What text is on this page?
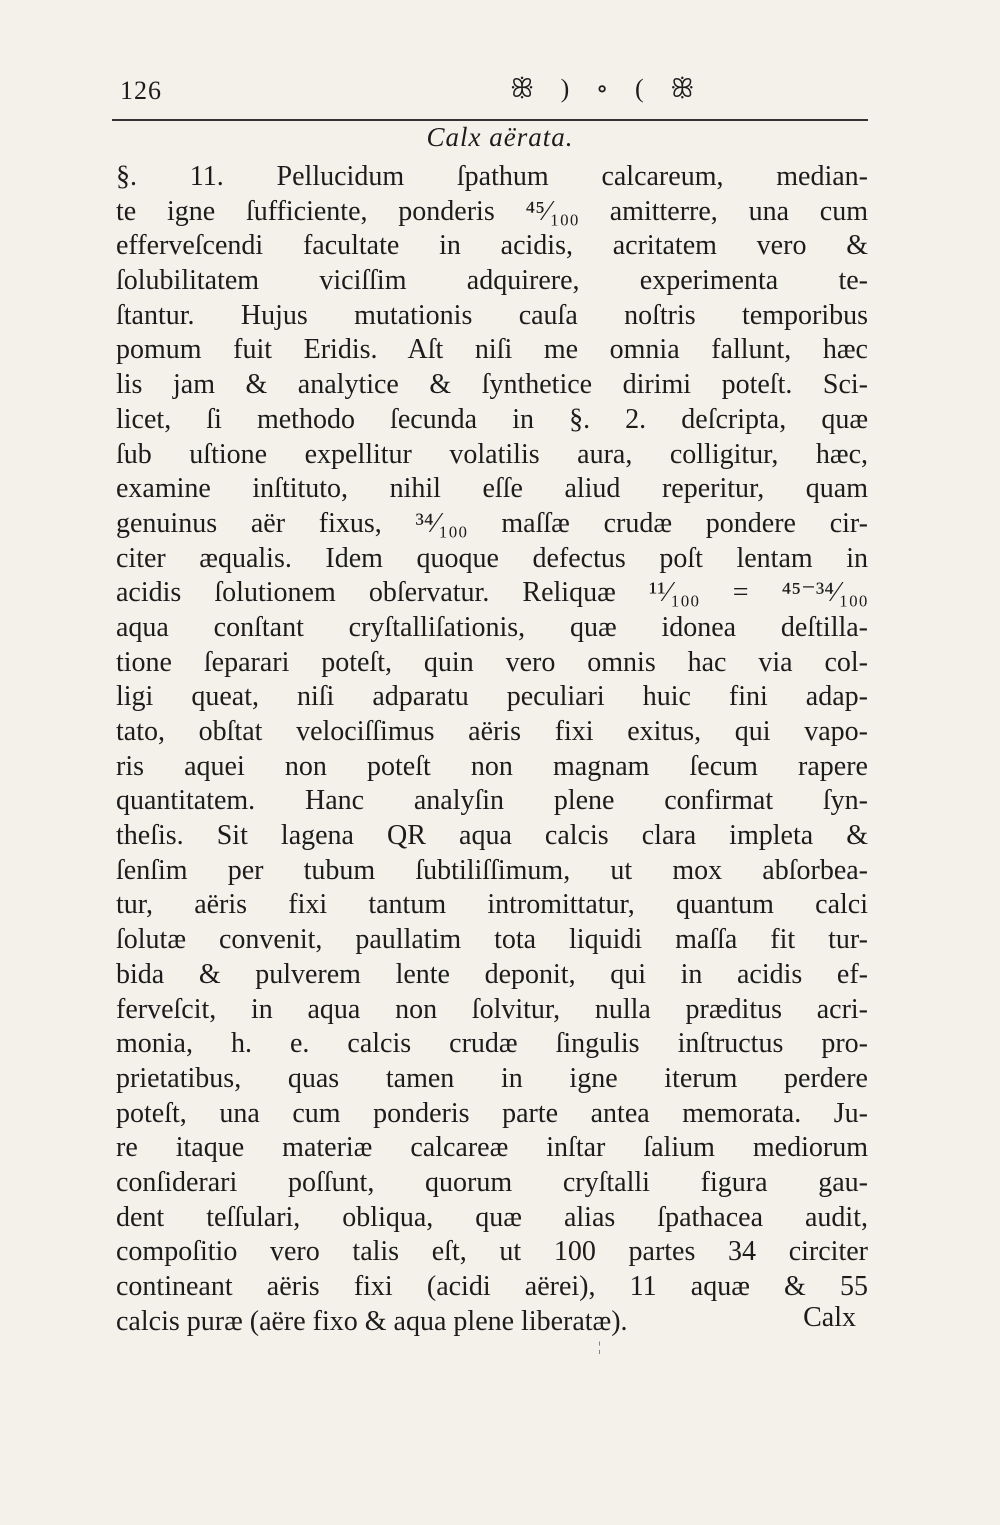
126	ꕥ ) ∘ ( ꕥ
Calx aërata.
§. 11. Pellucidum ſpathum calcareum, median-
te igne ſufficiente, ponderis ⁴⁵⁄₁₀₀ amitterre, una cum
efferveſcendi facultate in acidis, acritatem vero &
ſolubilitatem viciſſim adquirere, experimenta te-
ſtantur. Hujus mutationis cauſa noſtris temporibus
pomum fuit Eridis. Aſt niſi me omnia fallunt, hæc
lis jam & analytice & ſynthetice dirimi poteſt. Sci-
licet, ſi methodo ſecunda in §. 2. deſcripta, quæ
ſub uſtione expellitur volatilis aura, colligitur, hæc,
examine inſtituto, nihil eſſe aliud reperitur, quam
genuinus aër fixus, ³⁴⁄₁₀₀ maſſæ crudæ pondere cir-
citer æqualis. Idem quoque defectus poſt lentam in
acidis ſolutionem obſervatur. Reliquæ ¹¹⁄₁₀₀ = ⁴⁵⁻³⁴⁄₁₀₀
aqua conſtant cryſtalliſationis, quæ idonea deſtilla-
tione ſeparari poteſt, quin vero omnis hac via col-
ligi queat, niſi adparatu peculiari huic fini adap-
tato, obſtat velociſſimus aëris fixi exitus, qui vapo-
ris aquei non poteſt non magnam ſecum rapere
quantitatem. Hanc analyſin plene confirmat ſyn-
theſis. Sit lagena QR aqua calcis clara impleta &
ſenſim per tubum ſubtiliſſimum, ut mox abſorbea-
tur, aëris fixi tantum intromittatur, quantum calci
ſolutæ convenit, paullatim tota liquidi maſſa fit tur-
bida & pulverem lente deponit, qui in acidis ef-
ferveſcit, in aqua non ſolvitur, nulla præditus acri-
monia, h. e. calcis crudæ ſingulis inſtructus pro-
prietatibus, quas tamen in igne iterum perdere
poteſt, una cum ponderis parte antea memorata. Ju-
re itaque materiæ calcareæ inſtar ſalium mediorum
conſiderari poſſunt, quorum cryſtalli figura gau-
dent teſſulari, obliqua, quæ alias ſpathacea audit,
compoſitio vero talis eſt, ut 100 partes 34 circiter
contineant aëris fixi (acidi aërei), 11 aquæ & 55
calcis puræ (aëre fixo & aqua plene liberatæ).	Calx
¦
